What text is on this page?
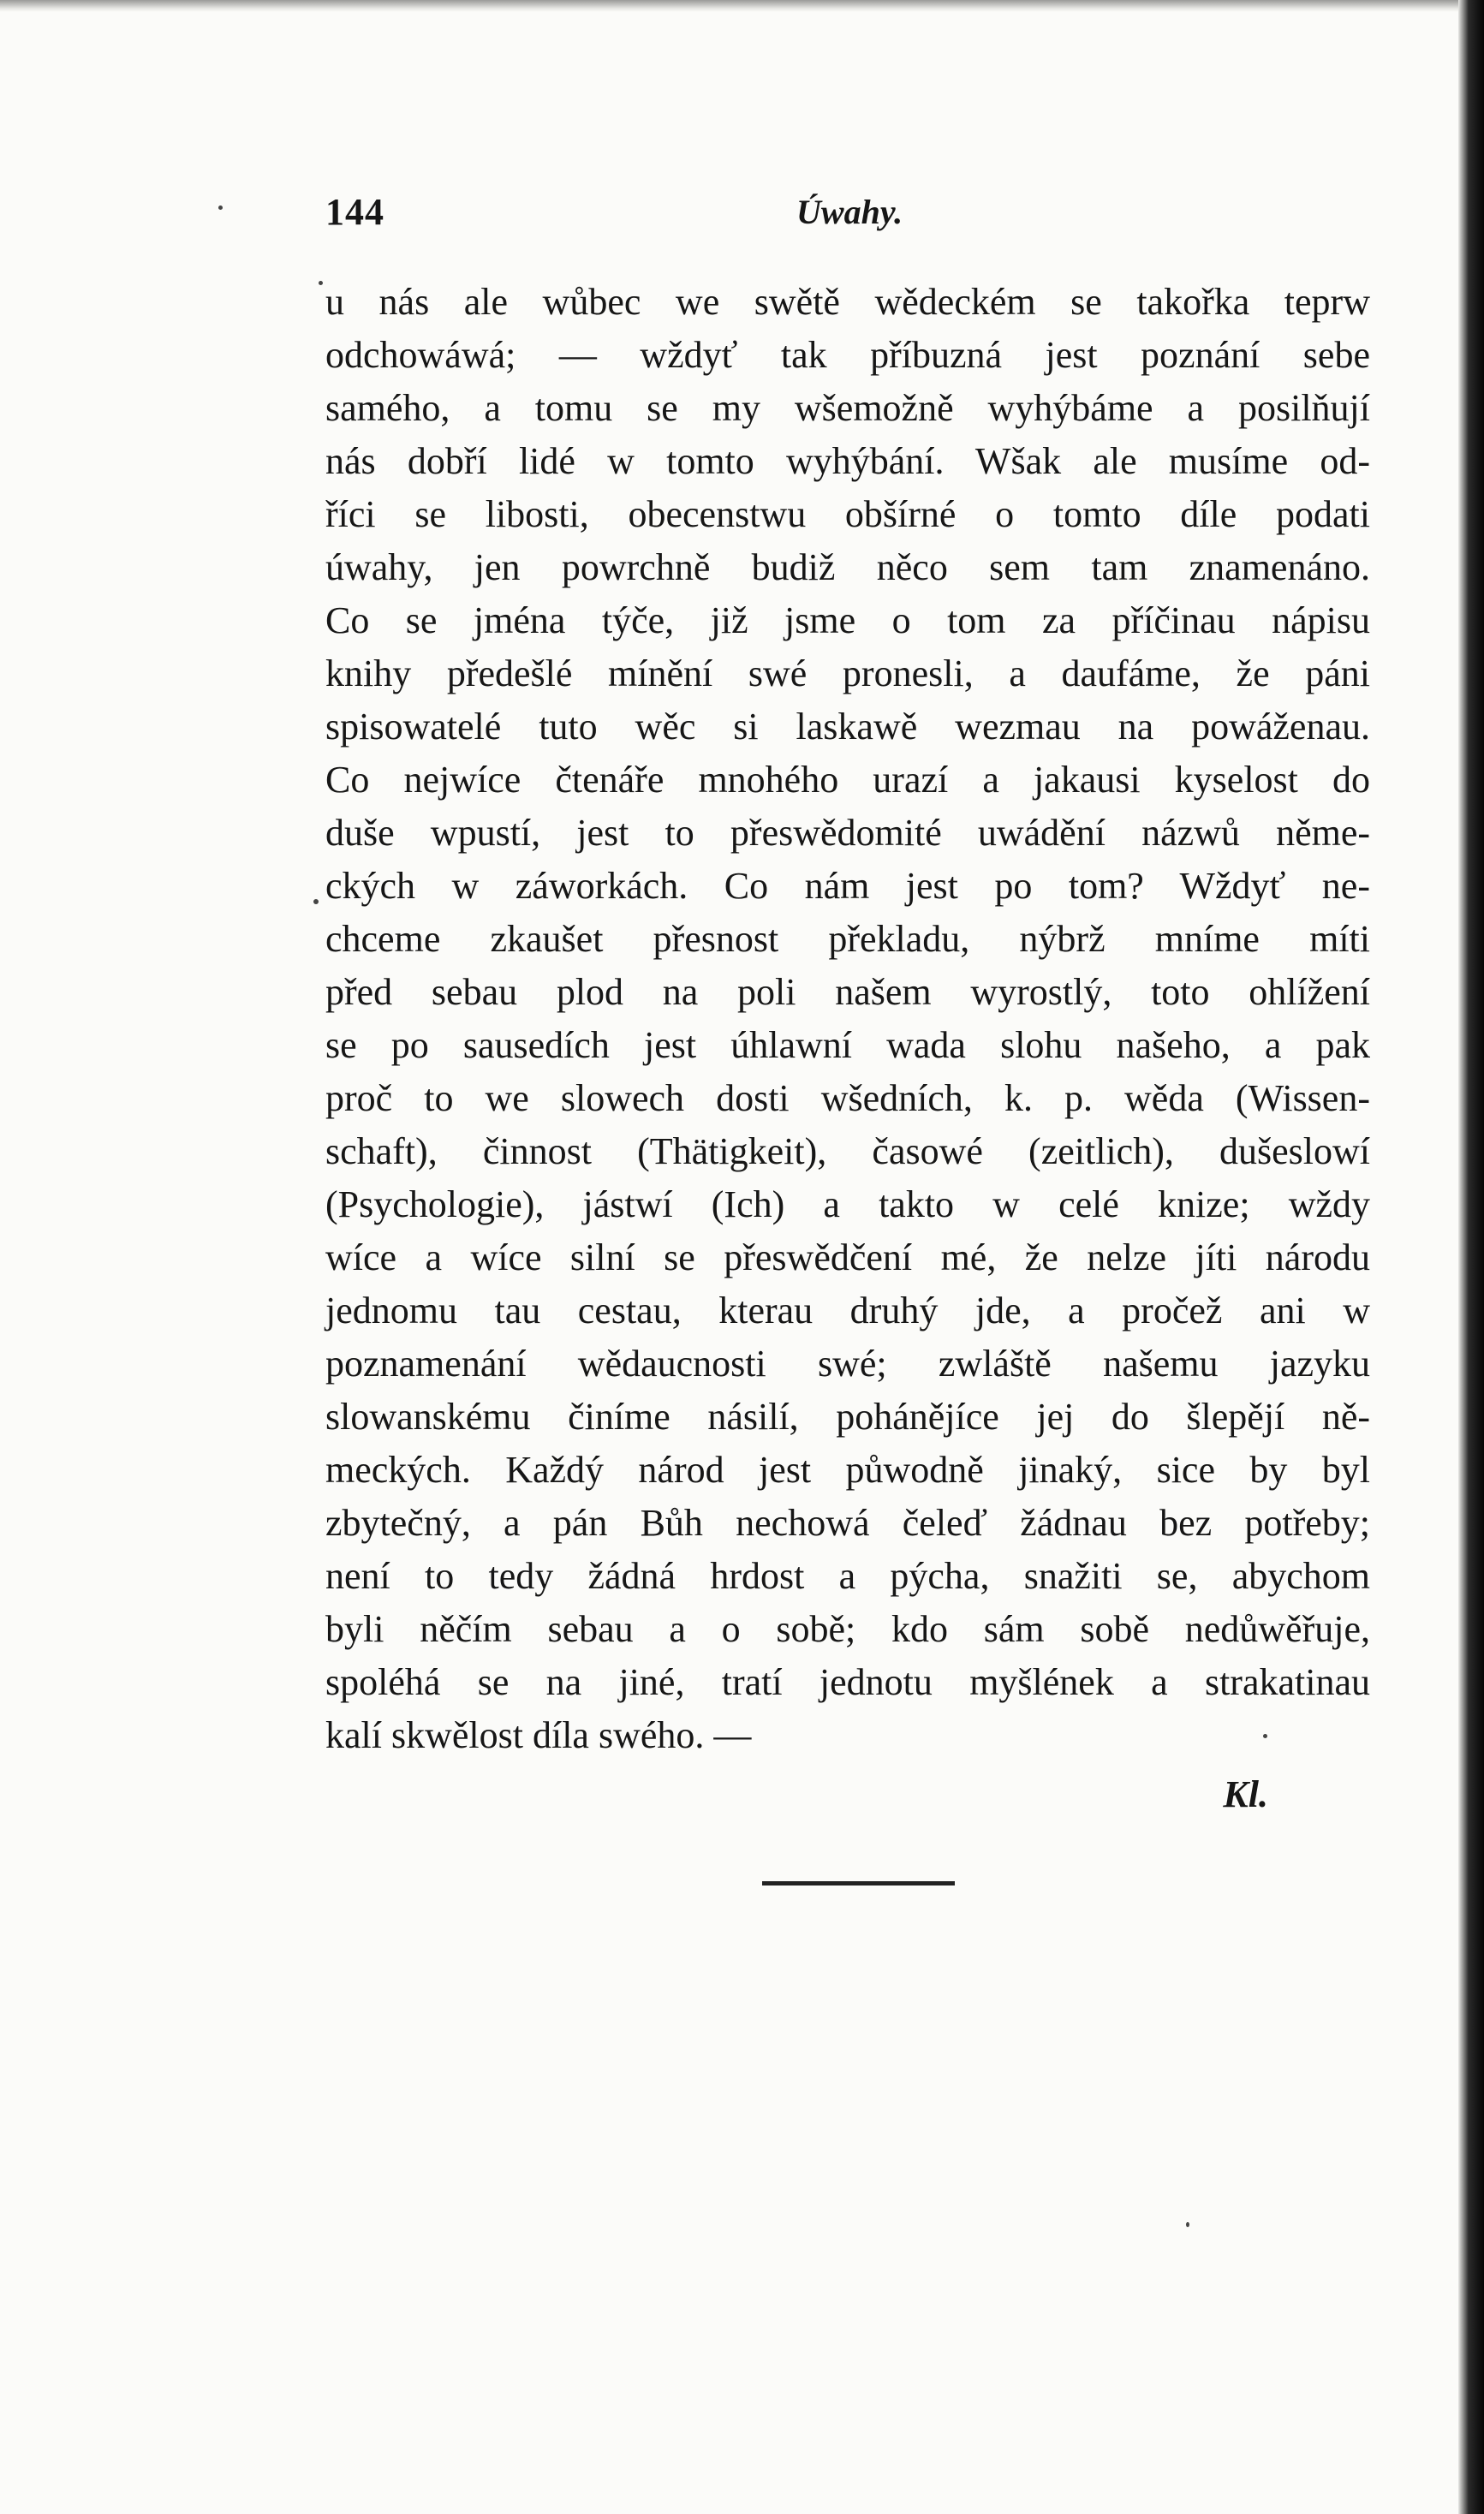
144	Úwahy.
u nás ale wůbec we swětě wědeckém se takořka teprw
odchowáwá; — wždyť tak příbuzná jest poznání sebe
samého, a tomu se my wšemožně wyhýbáme a posilňují
nás dobří lidé w tomto wyhýbání. Wšak ale musíme od-
říci se libosti, obecenstwu obšírné o tomto díle podati
úwahy, jen powrchně budiž něco sem tam znamenáno.
Co se jména týče, již jsme o tom za příčinau nápisu
knihy předešlé mínění swé pronesli, a daufáme, že páni
spisowatelé tuto wěc si laskawě wezmau na powáženau.
Co nejwíce čtenáře mnohého urazí a jakausi kyselost do
duše wpustí, jest to přeswědomité uwádění názwů něme-
ckých w záworkách. Co nám jest po tom? Wždyť ne-
chceme zkaušet přesnost překladu, nýbrž mníme míti
před sebau plod na poli našem wyrostlý, toto ohlížení
se po sausedích jest úhlawní wada slohu našeho, a pak
proč to we slowech dosti wšedních, k. p. wěda (Wissen-
schaft), činnost (Thätigkeit), časowé (zeitlich), dušeslowí
(Psychologie), jástwí (Ich) a takto w celé knize; wždy
wíce a wíce silní se přeswědčení mé, že nelze jíti národu
jednomu tau cestau, kterau druhý jde, a pročež ani w
poznamenání wědaucnosti swé; zwláště našemu jazyku
slowanskému činíme násilí, pohánějíce jej do šlepějí ně-
meckých. Každý národ jest půwodně jinaký, sice by byl
zbytečný, a pán Bůh nechowá čeleď žádnau bez potřeby;
není to tedy žádná hrdost a pýcha, snažiti se, abychom
byli něčím sebau a o sobě; kdo sám sobě nedůwěřuje,
spoléhá se na jiné, tratí jednotu myšlének a strakatinau
kalí skwělost díla swého. —
Kl.
